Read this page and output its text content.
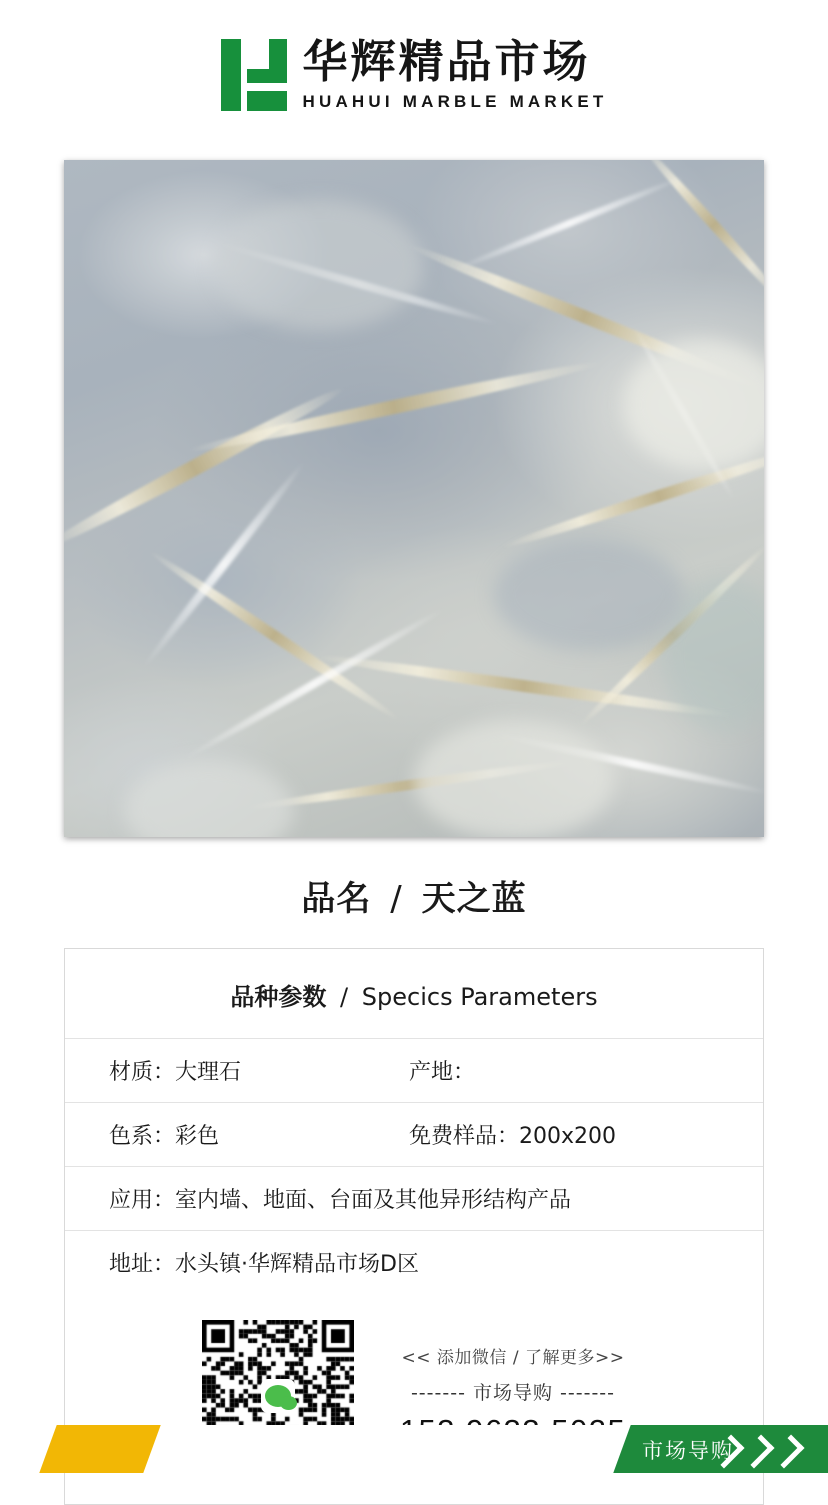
华辉精品市场
HUAHUI MARBLE MARKET
品名 / 天之蓝
品种参数 / Specics Parameters
材质： 大理石	产地：
色系： 彩色	免费样品： 200x200
应用： 室内墙、地面、台面及其他异形结构产品
地址： 水头镇·华辉精品市场D区
<< 添加微信 / 了解更多>>
------- 市场导购 -------
市场导购
